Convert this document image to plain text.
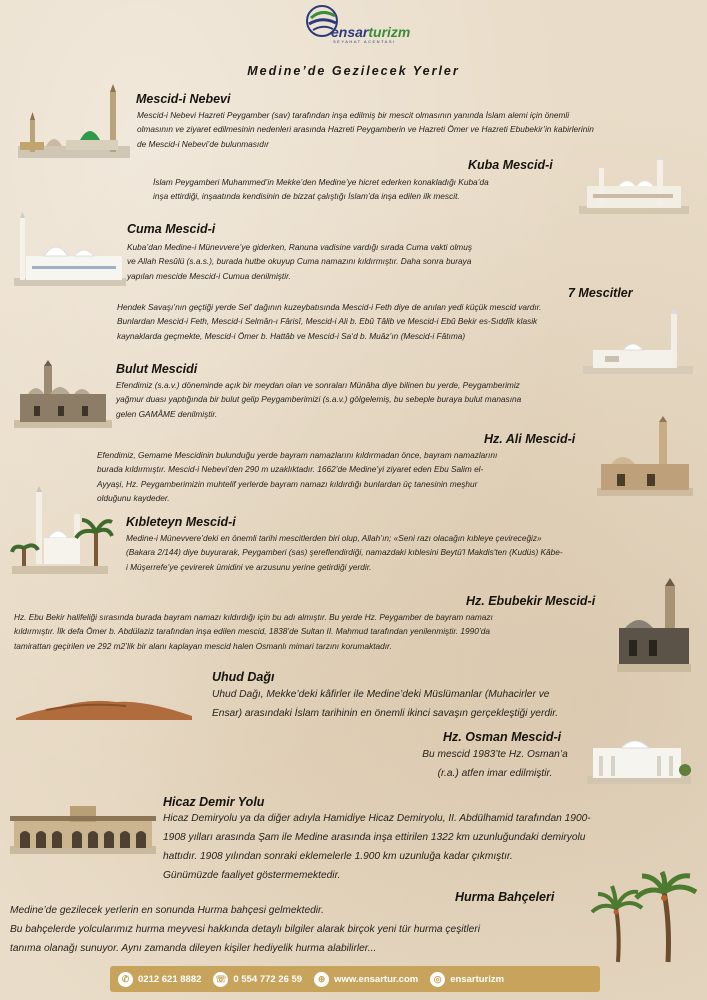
ensarturizm
SEYAHAT ACENTASI
Medine’de Gezilecek Yerler
Mescid-i Nebevi
Mescid-i Nebevi Hazreti Peygamber (sav) tarafından inşa edilmiş bir mescit olmasının yanında İslam alemi için önemli
olmasının ve ziyaret edilmesinin nedenleri arasında Hazreti Peygamberin ve Hazreti Ömer ve Hazreti Ebubekir’in kabirlerinin
de Mescid-i Nebevi’de bulunmasıdır
Kuba Mescid-i
İslam Peygamberi Muhammed’in Mekke’den Medine’ye hicret ederken konakladığı Kuba’da
inşa ettirdiği, inşaatında kendisinin de bizzat çalıştığı İslam’da inşa edilen ilk mescit.
Cuma Mescid-i
Kuba’dan Medine-i Münevvere’ye giderken, Ranuna vadisine vardığı sırada Cuma vakti olmuş
ve Allah Resûlü (s.a.s.), burada hutbe okuyup Cuma namazını kıldırmıştır. Daha sonra buraya
yapılan mescide Mescid-i Cumua denilmiştir.
7 Mescitler
Hendek Savaşı’nın geçtiği yerde Sel’ dağının kuzeybatısında Mescid-i Feth diye de anılan yedi küçük mescid vardır.
Bunlardan Mescid-i Feth, Mescid-i Selmân-ı Fârisî, Mescid-i Ali b. Ebû Tâlib ve Mescid-i Ebû Bekir es-Sıddîk klasik
kaynaklarda geçmekte, Mescid-i Ömer b. Hattâb ve Mescid-i Sa‘d b. Muâz’ın (Mescid-i Fâtıma)
Bulut Mescidi
Efendimiz (s.a.v.) döneminde açık bir meydan olan ve sonraları Münâha diye bilinen bu yerde, Peygamberimiz
yağmur duası yaptığında bir bulut gelip Peygamberimizi (s.a.v.) gölgelemiş, bu sebeple buraya bulut manasına
gelen GAMÂME denilmiştir.
Hz. Ali Mescid-i
Efendimiz, Gemame Mescidinin bulunduğu yerde bayram namazlarını kıldırmadan önce, bayram namazlarını
burada kıldırmıştır. Mescid-i Nebevi’den 290 m uzaklıktadır. 1662’de Medine’yi ziyaret eden Ebu Salim el-
Ayyaşi, Hz. Peygamberimizin muhtelif yerlerde bayram namazı kıldırdığı bunlardan üç tanesinin meşhur
olduğunu kaydeder.
Kıbleteyn Mescid-i
Medine-i Münevvere’deki en önemli tarihi mescitlerden biri olup, Allah’ın; «Seni razı olacağın kıbleye çevireceğiz»
(Bakara 2/144) diye buyurarak, Peygamberi (sas) şereflendirdiği, namazdaki kıblesini Beytü'l Makdis'ten (Kudüs) Kâbe-
i Müşerrefe’ye çevirerek ümidini ve arzusunu yerine getirdiği yerdir.
Hz. Ebubekir Mescid-i
Hz. Ebu Bekir halifeliği sırasında burada bayram namazı kıldırdığı için bu adı almıştır. Bu yerde Hz. Peygamber de bayram namazı
kıldırmıştır. İlk defa Ömer b. Abdülaziz tarafından inşa edilen mescid, 1838’de Sultan II. Mahmud tarafından yenilenmiştir. 1990’da
tamirattan geçirilen ve 292 m2’lik bir alanı kaplayan mescid halen Osmanlı mimari tarzını korumaktadır.
Uhud Dağı
Uhud Dağı, Mekke’deki kâfirler ile Medine’deki Müslümanlar (Muhacirler ve
Ensar) arasındaki İslam tarihinin en önemli ikinci savaşın gerçekleştiği yerdir.
Hz. Osman Mescid-i
Bu mescid 1983’te Hz. Osman’a
(r.a.) atfen imar edilmiştir.
Hicaz Demir Yolu
Hicaz Demiryolu ya da diğer adıyla Hamidiye Hicaz Demiryolu, II. Abdülhamid tarafından 1900-
1908 yılları arasında Şam ile Medine arasında inşa ettirilen 1322 km uzunluğundaki demiryolu
hattıdır. 1908 yılından sonraki eklemelerle 1.900 km uzunluğa kadar çıkmıştır.
Günümüzde faaliyet göstermemektedir.
Hurma Bahçeleri
Medine’de gezilecek yerlerin en sonunda Hurma bahçesi gelmektedir.
Bu bahçelerde yolcularımız hurma meyvesi hakkında detaylı bilgiler alarak birçok yeni tür hurma çeşitleri
tanıma olanağı sunuyor. Aynı zamanda dileyen kişiler hediyelik hurma alabilirler...
✆ 0212 621 8882 ☏ 0 554 772 26 59	⊕ www.ensartur.com	◎ ensarturizm
